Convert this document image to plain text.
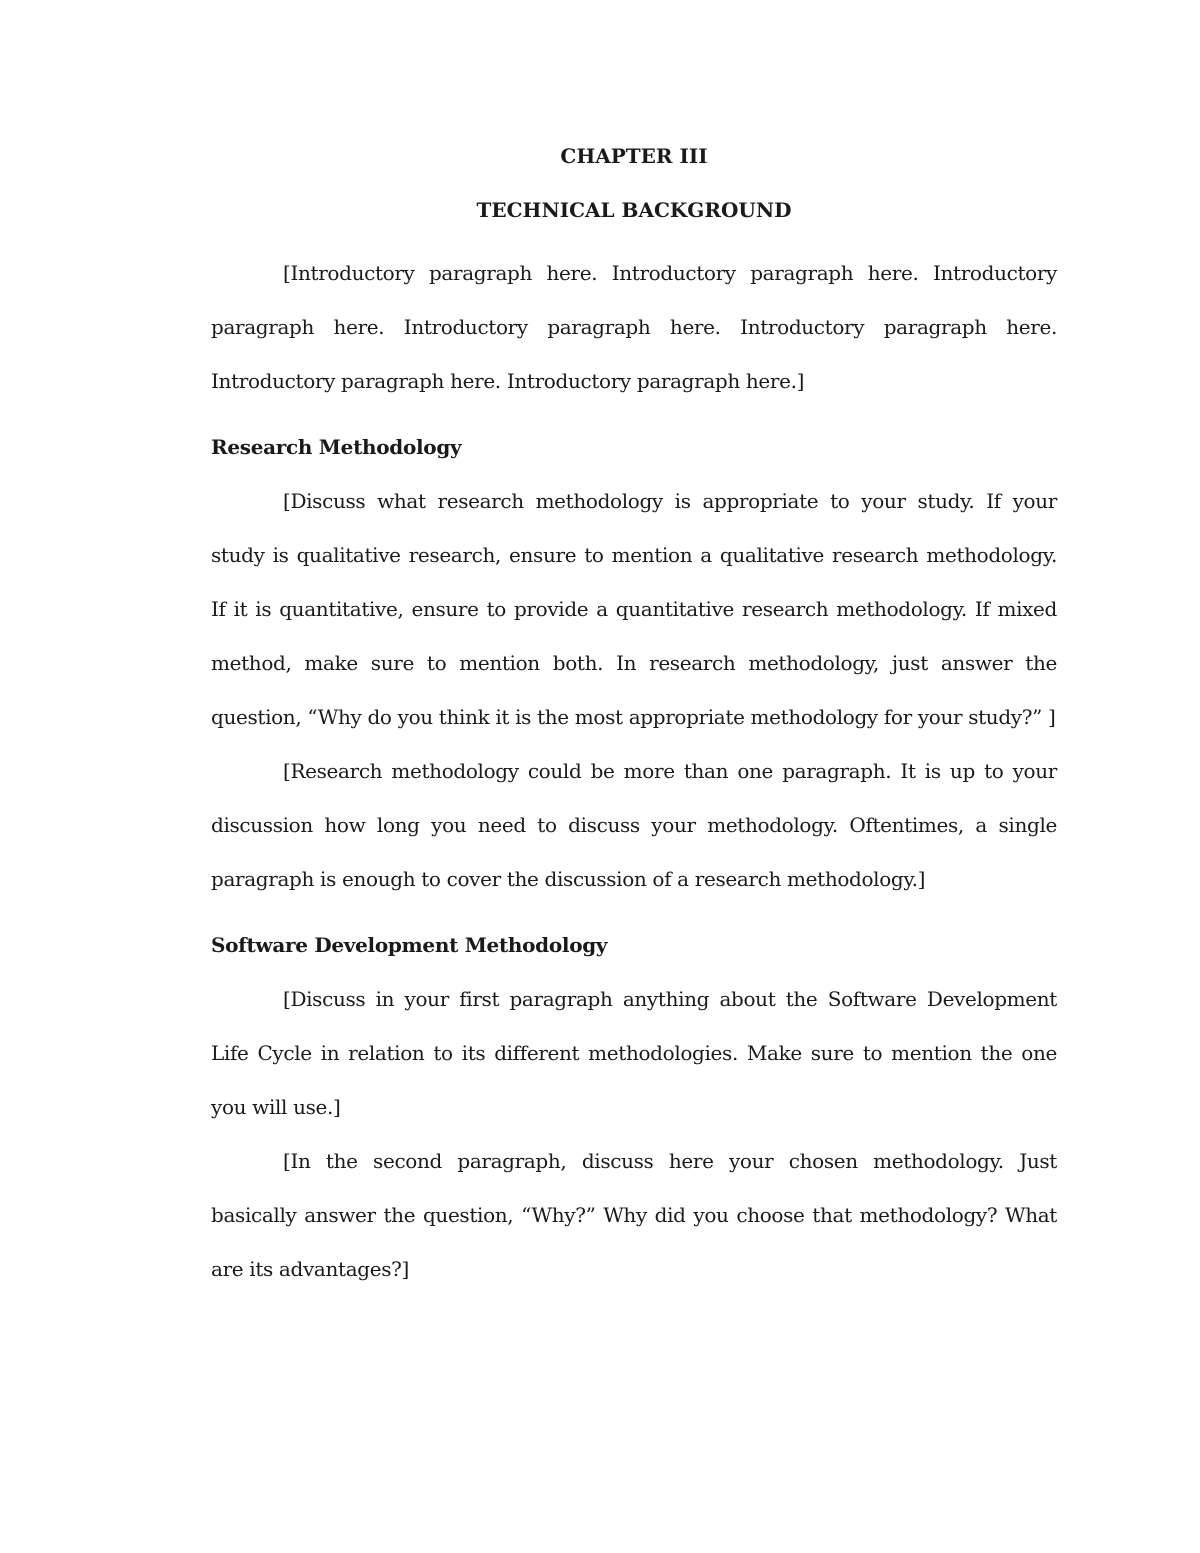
CHAPTER III
TECHNICAL BACKGROUND

[Introductory paragraph here. Introductory paragraph here. Introductory paragraph here. Introductory paragraph here. Introductory paragraph here. Introductory paragraph here. Introductory paragraph here.]

Research Methodology

[Discuss what research methodology is appropriate to your study. If your study is qualitative research, ensure to mention a qualitative research methodology. If it is quantitative, ensure to provide a quantitative research methodology. If mixed method, make sure to mention both. In research methodology, just answer the question, “Why do you think it is the most appropriate methodology for your study?” ]

[Research methodology could be more than one paragraph. It is up to your discussion how long you need to discuss your methodology. Oftentimes, a single paragraph is enough to cover the discussion of a research methodology.]

Software Development Methodology

[Discuss in your first paragraph anything about the Software Development Life Cycle in relation to its different methodologies. Make sure to mention the one you will use.]

[In the second paragraph, discuss here your chosen methodology. Just basically answer the question, “Why?” Why did you choose that methodology? What are its advantages?]
